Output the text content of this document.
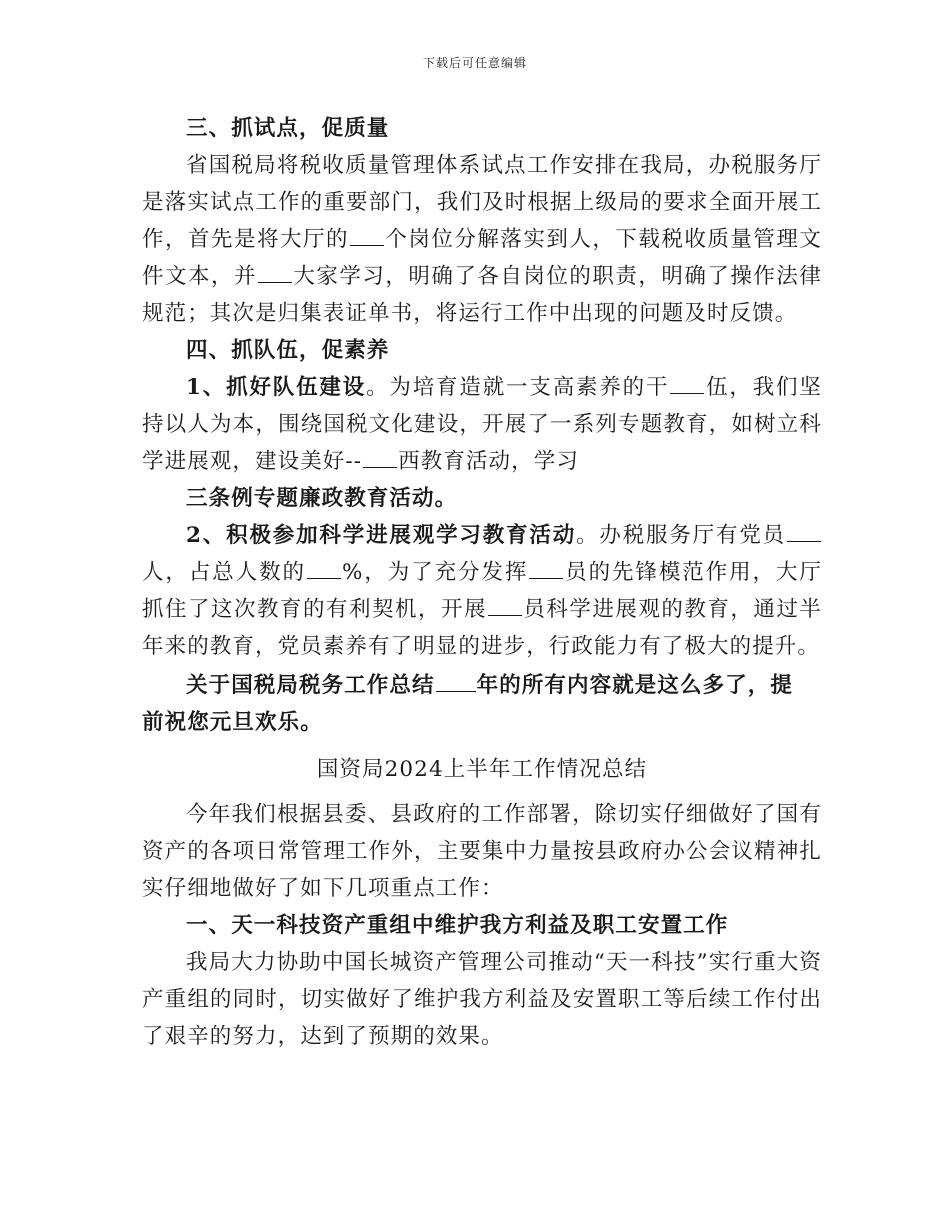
下载后可任意编辑

三、抓试点，促质量

省国税局将税收质量管理体系试点工作安排在我局，办税服务厅是落实试点工作的重要部门，我们及时根据上级局的要求全面开展工作，首先是将大厅的 个岗位分解落实到人，下载税收质量管理文件文本，并 大家学习，明确了各自岗位的职责，明确了操作法律规范；其次是归集表证单书，将运行工作中出现的问题及时反馈。

四、抓队伍，促素养

1、抓好队伍建设。为培育造就一支高素养的干 伍，我们坚持以人为本，围绕国税文化建设，开展了一系列专题教育，如树立科学进展观，建设美好-- 西教育活动，学习

三条例专题廉政教育活动。

2、积极参加科学进展观学习教育活动。办税服务厅有党员人，占总人数的 %，为了充分发挥 员的先锋模范作用，大厅抓住了这次教育的有利契机，开展 员科学进展观的教育，通过半年来的教育，党员素养有了明显的进步，行政能力有了极大的提升。

关于国税局税务工作总结 年的所有内容就是这么多了，提前祝您元旦欢乐。

国资局2024上半年工作情况总结

今年我们根据县委、县政府的工作部署，除切实仔细做好了国有资产的各项日常管理工作外，主要集中力量按县政府办公会议精神扎实仔细地做好了如下几项重点工作：

一、天一科技资产重组中维护我方利益及职工安置工作

我局大力协助中国长城资产管理公司推动“天一科技”实行重大资产重组的同时，切实做好了维护我方利益及安置职工等后续工作付出了艰辛的努力，达到了预期的效果。
